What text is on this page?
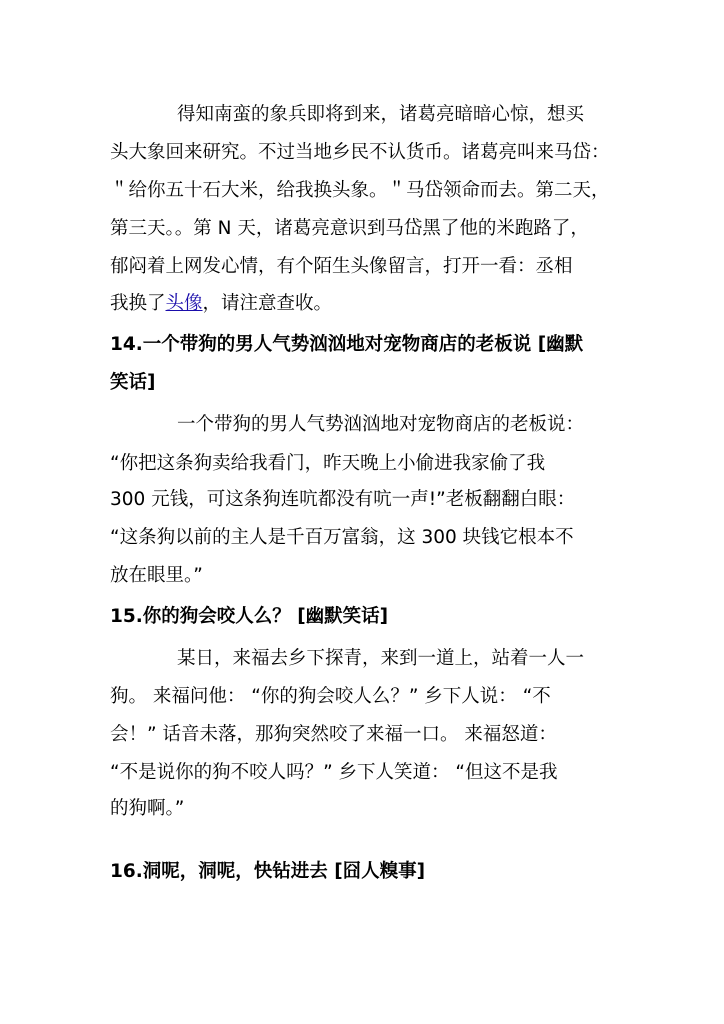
得知南蛮的象兵即将到来，诸葛亮暗暗心惊，想买
头大象回来研究。不过当地乡民不认货币。诸葛亮叫来马岱：
＂给你五十石大米，给我换头象。＂马岱领命而去。第二天，
第三天。。第 N 天，诸葛亮意识到马岱黑了他的米跑路了，
郁闷着上网发心情，有个陌生头像留言，打开一看：丞相
我换了头像，请注意查收。
14.一个带狗的男人气势汹汹地对宠物商店的老板说 [幽默
笑话]
一个带狗的男人气势汹汹地对宠物商店的老板说：
“你把这条狗卖给我看门，昨天晚上小偷进我家偷了我
300 元钱，可这条狗连吭都没有吭一声!”老板翻翻白眼：
“这条狗以前的主人是千百万富翁，这 300 块钱它根本不
放在眼里。”
15.你的狗会咬人么？ [幽默笑话]
某日，来福去乡下探青，来到一道上，站着一人一
狗。 来福问他： “你的狗会咬人么？” 乡下人说： “不
会！” 话音未落，那狗突然咬了来福一口。 来福怒道：
“不是说你的狗不咬人吗？” 乡下人笑道： “但这不是我
的狗啊。”
16.洞呢，洞呢，快钻进去 [囧人糗事]
